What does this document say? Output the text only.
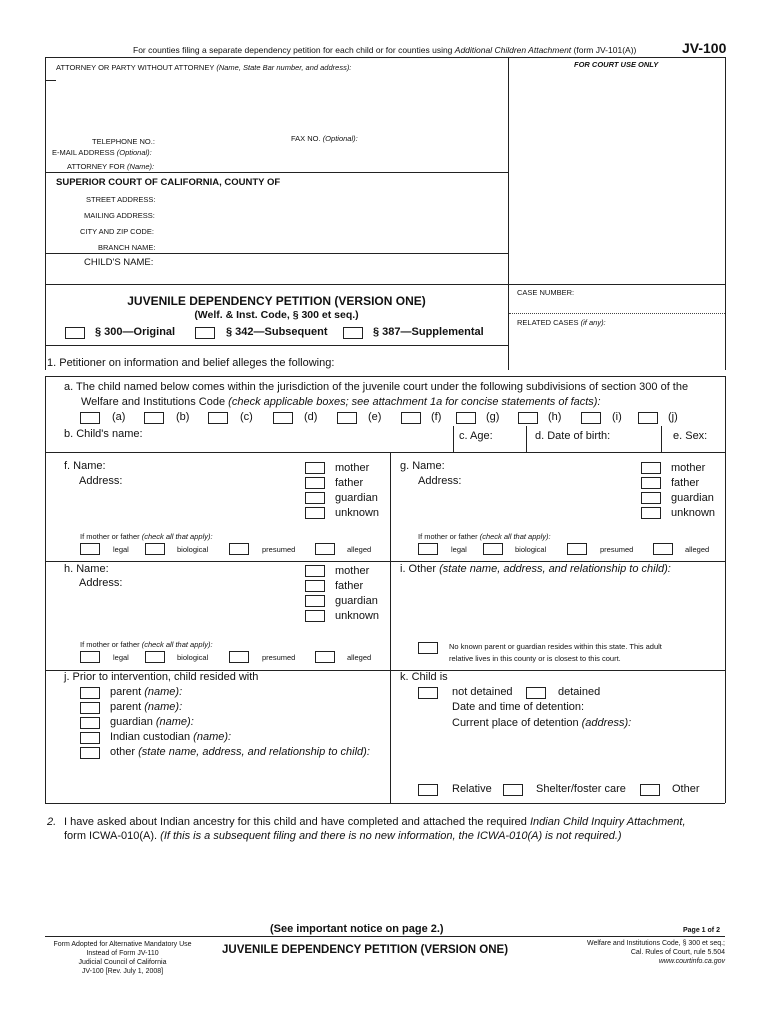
For counties filing a separate dependency petition for each child or for counties using Additional Children Attachment (form JV-101(A))	JV-100
FOR COURT USE ONLY
ATTORNEY OR PARTY WITHOUT ATTORNEY (Name, State Bar number, and address):
TELEPHONE NO.:	FAX NO. (Optional):
E-MAIL ADDRESS (Optional):
ATTORNEY FOR (Name):
SUPERIOR COURT OF CALIFORNIA, COUNTY OF
STREET ADDRESS:
MAILING ADDRESS:
CITY AND ZIP CODE:
BRANCH NAME:
CHILD'S NAME:
CASE NUMBER:
RELATED CASES (if any):
JUVENILE DEPENDENCY PETITION (VERSION ONE)
(Welf. & Inst. Code, § 300 et seq.)
§ 300—Original	§ 342—Subsequent	§ 387—Supplemental
1. Petitioner on information and belief alleges the following:
a. The child named below comes within the jurisdiction of the juvenile court under the following subdivisions of section 300 of the
Welfare and Institutions Code (check applicable boxes; see attachment 1a for concise statements of facts):
(a)	(b)	(c)	(d)	(e)	(f)	(g)	(h)	(i)	(j)
b. Child's name:	c. Age:	d. Date of birth:	e. Sex:
f. Name:
Address:
mother
father
guardian
unknown
If mother or father (check all that apply):
legal	biological	presumed	alleged
g. Name:
Address:
mother
father
guardian
unknown
If mother or father (check all that apply):
legal	biological	presumed	alleged
h. Name:
Address:
mother
father
guardian
unknown
If mother or father (check all that apply):
legal	biological	presumed	alleged
i. Other (state name, address, and relationship to child):
No known parent or guardian resides within this state. This adult
relative lives in this county or is closest to this court.
j. Prior to intervention, child resided with
parent (name):
parent (name):
guardian (name):
Indian custodian (name):
other (state name, address, and relationship to child):
k. Child is
not detained	detained
Date and time of detention:
Current place of detention (address):
Relative	Shelter/foster care	Other
2. I have asked about Indian ancestry for this child and have completed and attached the required Indian Child Inquiry Attachment,
form ICWA-010(A). (If this is a subsequent filing and there is no new information, the ICWA-010(A) is not required.)
(See important notice on page 2.)	Page 1 of 2
Form Adopted for Alternative Mandatory Use
Instead of Form JV-110
Judicial Council of California
JV-100 [Rev. July 1, 2008]
JUVENILE DEPENDENCY PETITION (VERSION ONE)
Welfare and Institutions Code, § 300 et seq.;
Cal. Rules of Court, rule 5.504
www.courtinfo.ca.gov
